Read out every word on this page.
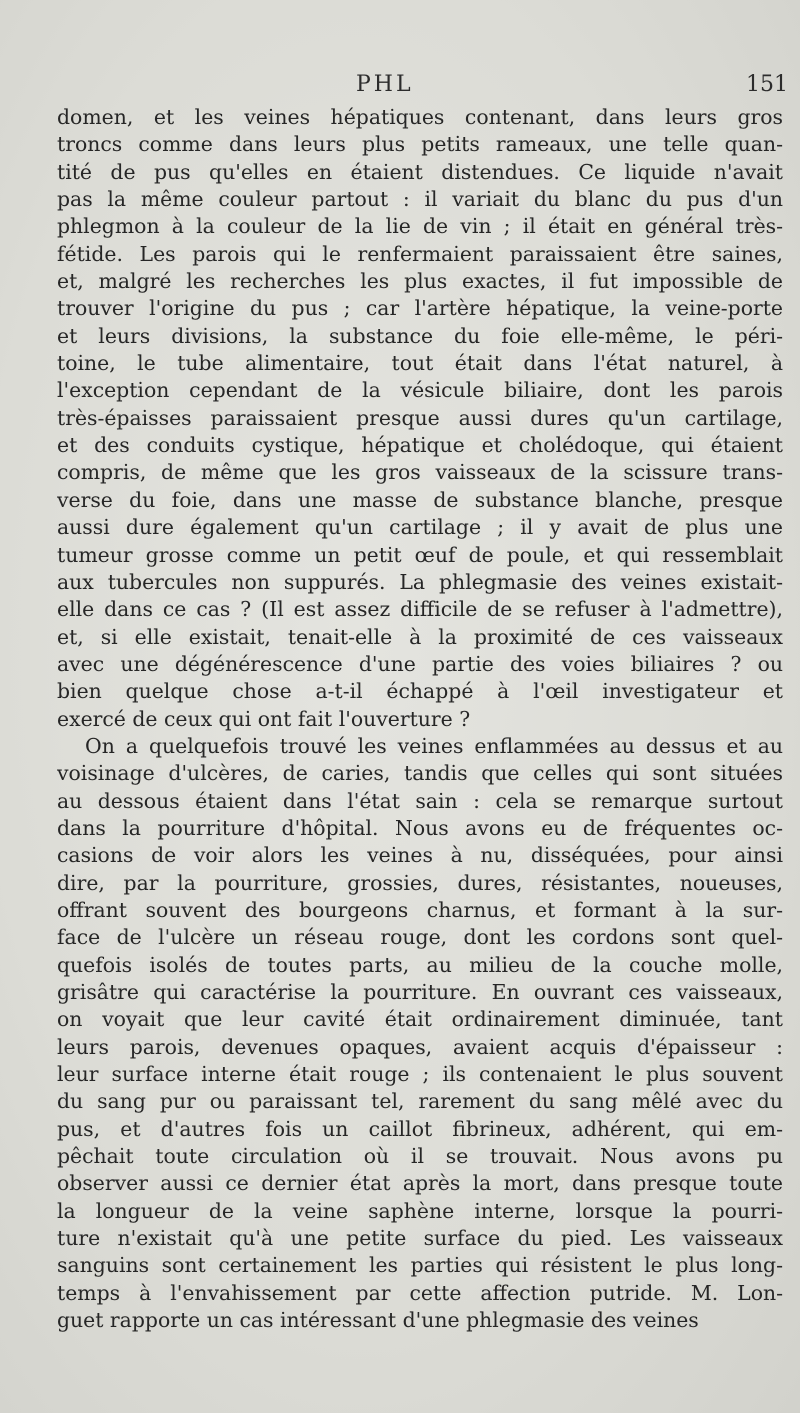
PHL	151
domen, et les veines hépatiques contenant, dans leurs gros
troncs comme dans leurs plus petits rameaux, une telle quan-
tité de pus qu'elles en étaient distendues. Ce liquide n'avait
pas la même couleur partout : il variait du blanc du pus d'un
phlegmon à la couleur de la lie de vin ; il était en général très-
fétide. Les parois qui le renfermaient paraissaient être saines,
et, malgré les recherches les plus exactes, il fut impossible de
trouver l'origine du pus ; car l'artère hépatique, la veine-porte
et leurs divisions, la substance du foie elle-même, le péri-
toine, le tube alimentaire, tout était dans l'état naturel, à
l'exception cependant de la vésicule biliaire, dont les parois
très-épaisses paraissaient presque aussi dures qu'un cartilage,
et des conduits cystique, hépatique et cholédoque, qui étaient
compris, de même que les gros vaisseaux de la scissure trans-
verse du foie, dans une masse de substance blanche, presque
aussi dure également qu'un cartilage ; il y avait de plus une
tumeur grosse comme un petit œuf de poule, et qui ressemblait
aux tubercules non suppurés. La phlegmasie des veines existait-
elle dans ce cas ? (Il est assez difficile de se refuser à l'admettre),
et, si elle existait, tenait-elle à la proximité de ces vaisseaux
avec une dégénérescence d'une partie des voies biliaires ? ou
bien quelque chose a-t-il échappé à l'œil investigateur et
exercé de ceux qui ont fait l'ouverture ?
On a quelquefois trouvé les veines enflammées au dessus et au
voisinage d'ulcères, de caries, tandis que celles qui sont situées
au dessous étaient dans l'état sain : cela se remarque surtout
dans la pourriture d'hôpital. Nous avons eu de fréquentes oc-
casions de voir alors les veines à nu, disséquées, pour ainsi
dire, par la pourriture, grossies, dures, résistantes, noueuses,
offrant souvent des bourgeons charnus, et formant à la sur-
face de l'ulcère un réseau rouge, dont les cordons sont quel-
quefois isolés de toutes parts, au milieu de la couche molle,
grisâtre qui caractérise la pourriture. En ouvrant ces vaisseaux,
on voyait que leur cavité était ordinairement diminuée, tant
leurs parois, devenues opaques, avaient acquis d'épaisseur :
leur surface interne était rouge ; ils contenaient le plus souvent
du sang pur ou paraissant tel, rarement du sang mêlé avec du
pus, et d'autres fois un caillot fibrineux, adhérent, qui em-
pêchait toute circulation où il se trouvait. Nous avons pu
observer aussi ce dernier état après la mort, dans presque toute
la longueur de la veine saphène interne, lorsque la pourri-
ture n'existait qu'à une petite surface du pied. Les vaisseaux
sanguins sont certainement les parties qui résistent le plus long-
temps à l'envahissement par cette affection putride. M. Lon-
guet rapporte un cas intéressant d'une phlegmasie des veines
